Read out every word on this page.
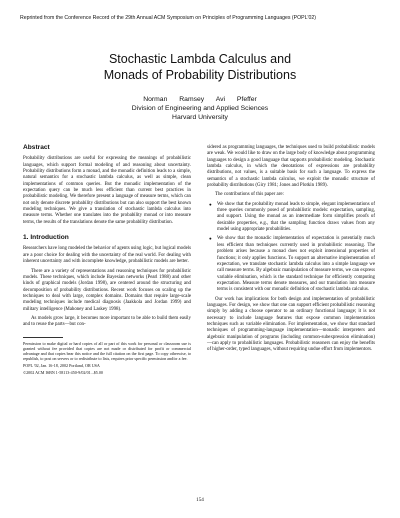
Reprinted from the Conference Record of the 29th Annual ACM Symposium on Principles of Programming Languages (POPL'02)
Stochastic Lambda Calculus and
Monads of Probability Distributions
Norman Ramsey Avi Pfeffer
Division of Engineering and Applied Sciences
Harvard University
Abstract

Probability distributions are useful for expressing the meanings of probabilistic languages, which support formal modeling of and reasoning about uncertainty. Probability distributions form a monad, and the monadic definition leads to a simple, natural semantics for a stochastic lambda calculus, as well as simple, clean implementations of common queries. But the monadic implementation of the expectation query can be much less efficient than current best practices in probabilistic modeling. We therefore present a language of measure terms, which can not only denote discrete probability distributions but can also support the best known modeling techniques. We give a translation of stochastic lambda calculus into measure terms. Whether one translates into the probability monad or into measure terms, the results of the translations denote the same probability distribution.

1. Introduction

Researchers have long modeled the behavior of agents using logic, but logical models are a poor choice for dealing with the uncertainty of the real world. For dealing with inherent uncertainty and with incomplete knowledge, probabilistic models are better.

There are a variety of representations and reasoning techniques for probabilistic models. These techniques, which include Bayesian networks (Pearl 1988) and other kinds of graphical models (Jordan 1998), are centered around the structuring and decomposition of probability distributions. Recent work focuses on scaling up the techniques to deal with large, complex domains. Domains that require large-scale modeling techniques include medical diagnosis (Jaakkola and Jordan 1999) and military intelligence (Mahoney and Laskey 1998).

As models grow large, it becomes more important to be able to build them easily and to reuse the parts—but con-

Permission to make digital or hard copies of all or part of this work for personal or classroom use is granted without fee provided that copies are not made or distributed for profit or commercial advantage and that copies bear this notice and the full citation on the first page. To copy otherwise, to republish, to post on servers or to redistribute to lists, requires prior specific permission and/or a fee.

POPL '02, Jan. 16-18, 2002 Portland, OR USA

©2002 ACM ISBN 1-58113-450-9/02/01...$5.00

sidered as programming languages, the techniques used to build probabilistic models are weak. We would like to draw on the large body of knowledge about programming languages to design a good language that supports probabilistic modeling. Stochastic lambda calculus, in which the denotations of expressions are probability distributions, not values, is a suitable basis for such a language. To express the semantics of a stochastic lambda calculus, we exploit the monadic structure of probability distributions (Giry 1981; Jones and Plotkin 1989).

The contributions of this paper are:

● We show that the probability monad leads to simple, elegant implementations of three queries commonly posed of probabilistic models: expectation, sampling, and support. Using the monad as an intermediate form simplifies proofs of desirable properties, e.g., that the sampling function draws values from any model using appropriate probabilities.
● We show that the monadic implementation of expectation is potentially much less efficient than techniques currently used in probabilistic reasoning. The problem arises because a monad does not exploit intensional properties of functions; it only applies functions. To support an alternative implementation of expectation, we translate stochastic lambda calculus into a simple language we call measure terms. By algebraic manipulation of measure terms, we can express variable elimination, which is the standard technique for efficiently computing expectation. Measure terms denote measures, and our translation into measure terms is consistent with our monadic definition of stochastic lambda calculus.

Our work has implications for both design and implementation of probabilistic languages. For design, we show that one can support efficient probabilistic reasoning simply by adding a choose operator to an ordinary functional language; it is not necessary to include language features that expose common implementation techniques such as variable elimination. For implementation, we show that standard techniques of programming-language implementation—monadic interpreters and algebraic manipulation of programs (including common-subexpression elimination)—can apply to probabilistic languages. Probabilistic reasoners can enjoy the benefits of higher-order, typed languages, without requiring undue effort from implementors.

154
